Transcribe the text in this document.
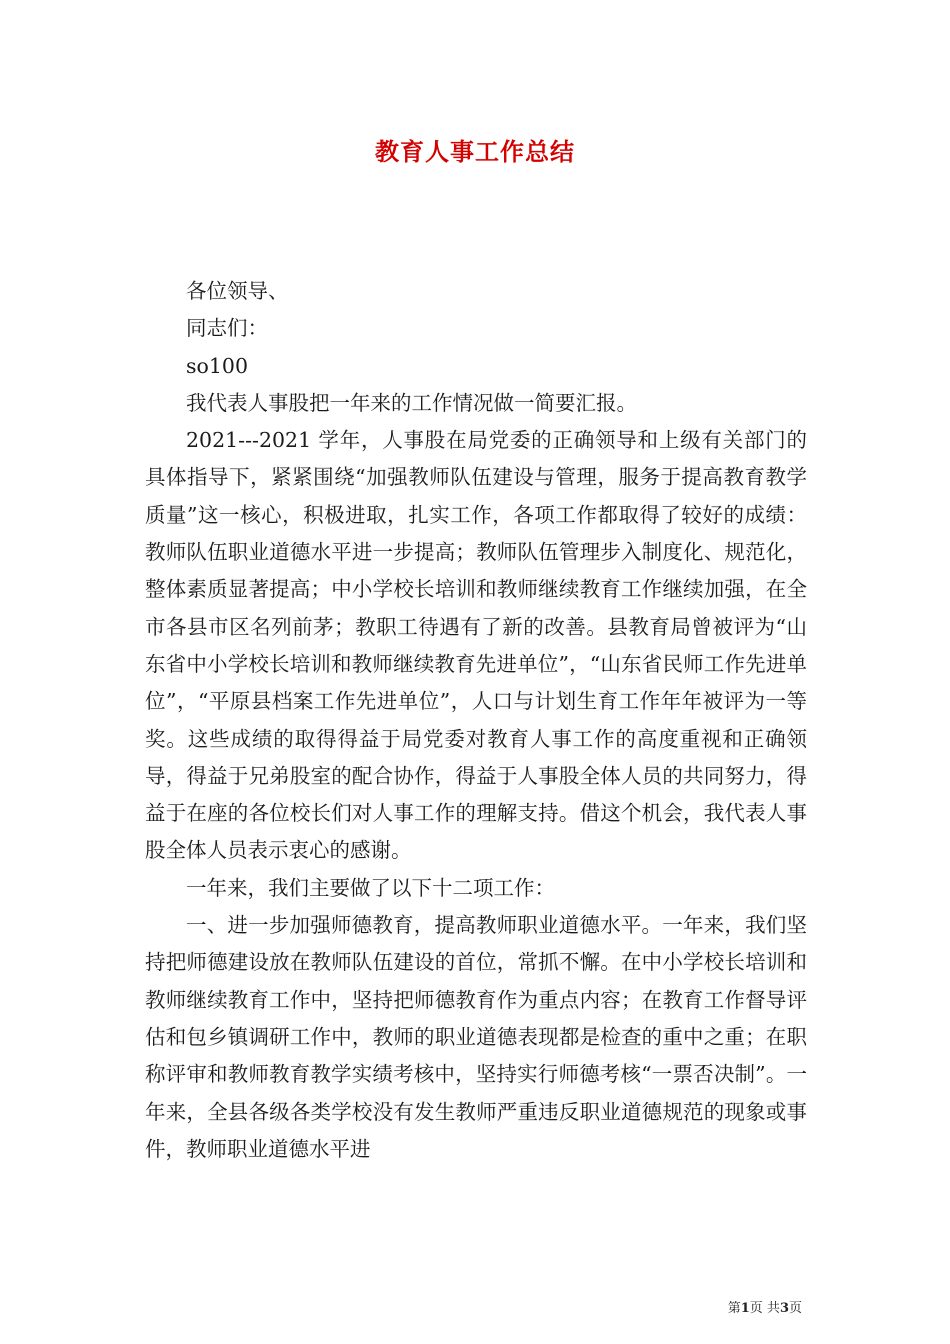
教育人事工作总结

各位领导、

同志们：

so100

我代表人事股把一年来的工作情况做一简要汇报。

2021---2021 学年，人事股在局党委的正确领导和上级有关部门的具体指导下，紧紧围绕“加强教师队伍建设与管理，服务于提高教育教学质量”这一核心，积极进取，扎实工作，各项工作都取得了较好的成绩：教师队伍职业道德水平进一步提高；教师队伍管理步入制度化、规范化，整体素质显著提高；中小学校长培训和教师继续教育工作继续加强，在全市各县市区名列前茅；教职工待遇有了新的改善。县教育局曾被评为“山东省中小学校长培训和教师继续教育先进单位”，“山东省民师工作先进单位”，“平原县档案工作先进单位”，人口与计划生育工作年年被评为一等奖。这些成绩的取得得益于局党委对教育人事工作的高度重视和正确领导，得益于兄弟股室的配合协作，得益于人事股全体人员的共同努力，得益于在座的各位校长们对人事工作的理解支持。借这个机会，我代表人事股全体人员表示衷心的感谢。

一年来，我们主要做了以下十二项工作：

一、进一步加强师德教育，提高教师职业道德水平。一年来，我们坚持把师德建设放在教师队伍建设的首位，常抓不懈。在中小学校长培训和教师继续教育工作中，坚持把师德教育作为重点内容；在教育工作督导评估和包乡镇调研工作中，教师的职业道德表现都是检查的重中之重；在职称评审和教师教育教学实绩考核中，坚持实行师德考核“一票否决制”。一年来，全县各级各类学校没有发生教师严重违反职业道德规范的现象或事件，教师职业道德水平进

第1页 共3页
